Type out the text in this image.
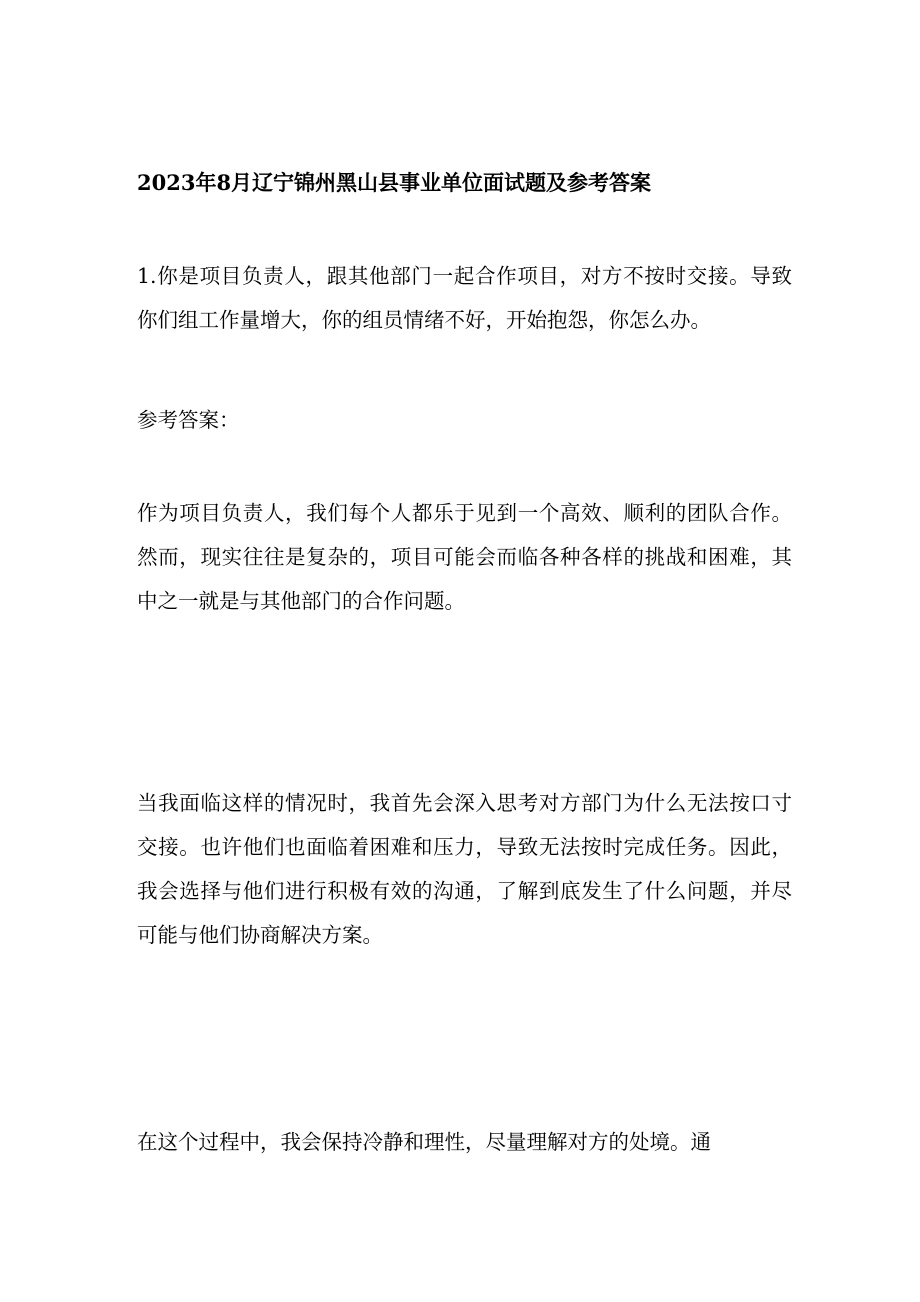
2023年8月辽宁锦州黑山县事业单位面试题及参考答案

1.你是项目负责人，跟其他部门一起合作项目，对方不按时交接。导致你们组工作量增大，你的组员情绪不好，开始抱怨，你怎么办。

参考答案：

作为项目负责人，我们每个人都乐于见到一个高效、顺利的团队合作。然而，现实往往是复杂的，项目可能会而临各种各样的挑战和困难，其中之一就是与其他部门的合作问题。

当我面临这样的情况时，我首先会深入思考对方部门为什么无法按口寸交接。也许他们也面临着困难和压力，导致无法按时完成任务。因此，我会选择与他们进行积极有效的沟通，了解到底发生了什么问题，并尽可能与他们协商解决方案。

在这个过程中，我会保持冷静和理性，尽量理解对方的处境。通
